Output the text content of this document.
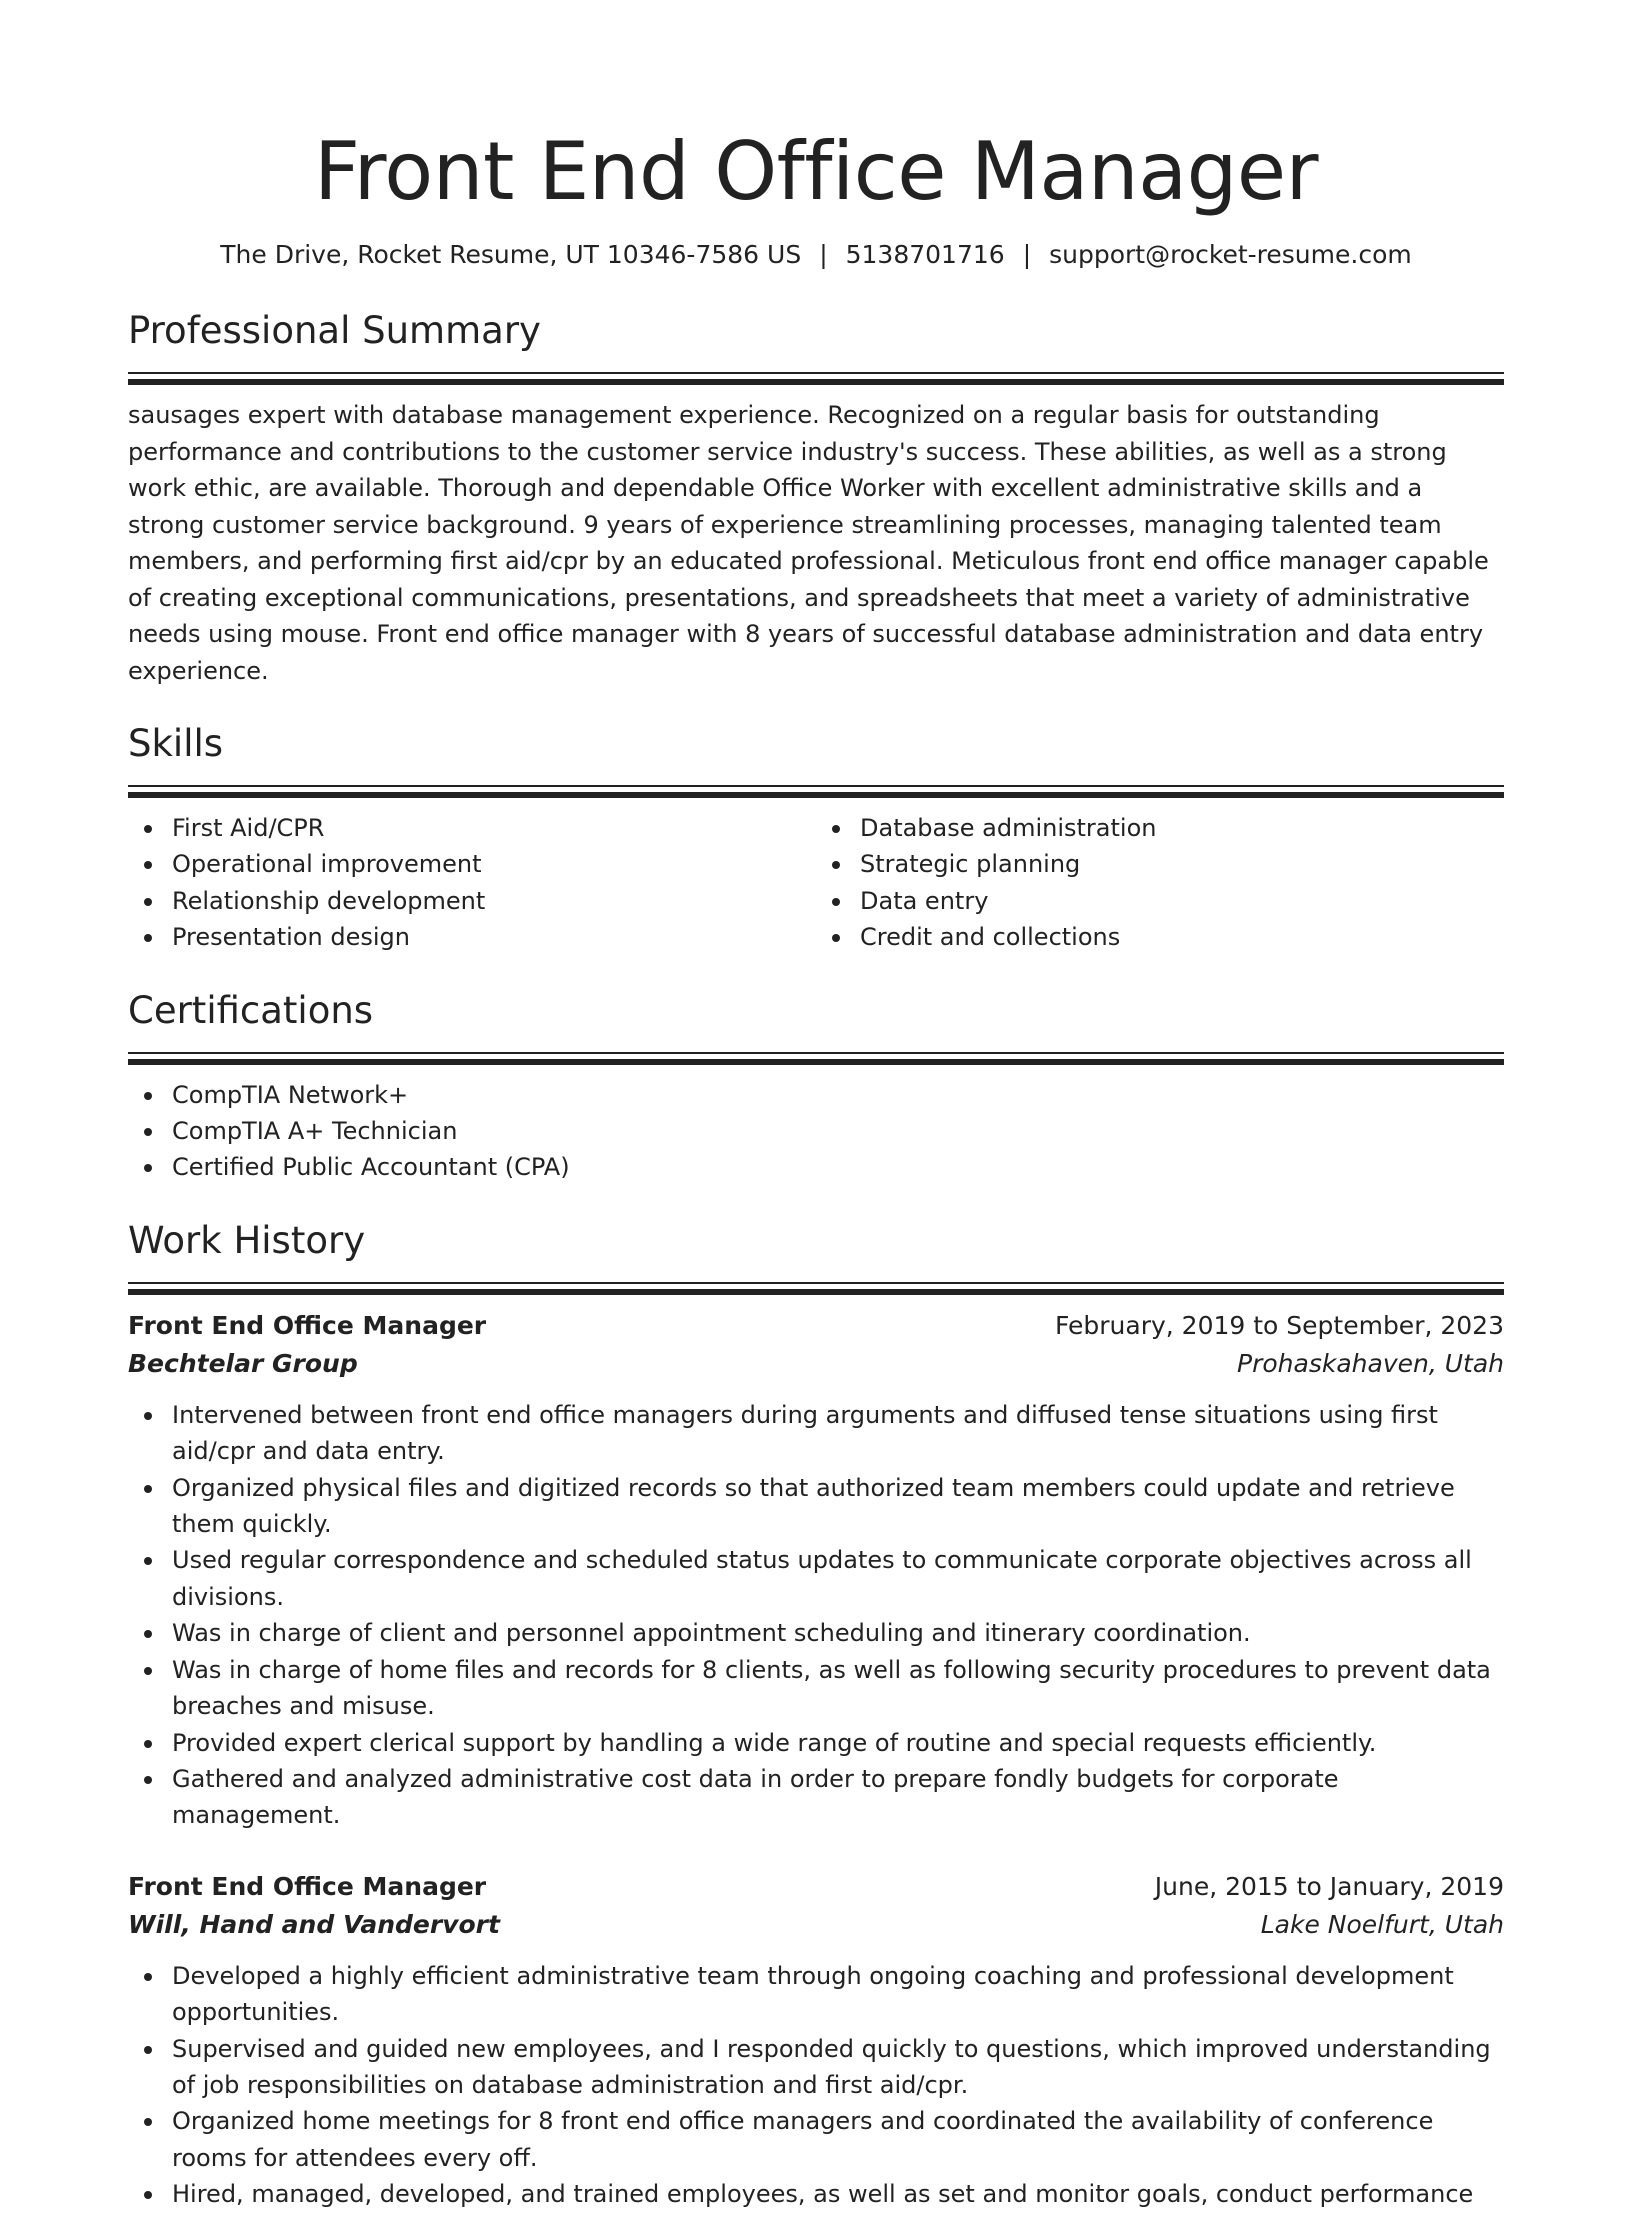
Front End Office Manager
The Drive, Rocket Resume, UT 10346-7586 US | 5138701716 | support@rocket-resume.com
Professional Summary

sausages expert with database management experience. Recognized on a regular basis for outstanding performance and contributions to the customer service industry's success. These abilities, as well as a strong work ethic, are available. Thorough and dependable Office Worker with excellent administrative skills and a strong customer service background. 9 years of experience streamlining processes, managing talented team members, and performing first aid/cpr by an educated professional. Meticulous front end office manager capable of creating exceptional communications, presentations, and spreadsheets that meet a variety of administrative needs using mouse. Front end office manager with 8 years of successful database administration and data entry experience.

Skills
First Aid/CPR
Operational improvement
Relationship development
Presentation design
Database administration
Strategic planning
Data entry
Credit and collections
Certifications
CompTIA Network+
CompTIA A+ Technician
Certified Public Accountant (CPA)
Work History
Front End Office Manager	February, 2019 to September, 2023
Bechtelar Group	Prohaskahaven, Utah
Intervened between front end office managers during arguments and diffused tense situations using first aid/cpr and data entry.
Organized physical files and digitized records so that authorized team members could update and retrieve them quickly.
Used regular correspondence and scheduled status updates to communicate corporate objectives across all divisions.
Was in charge of client and personnel appointment scheduling and itinerary coordination.
Was in charge of home files and records for 8 clients, as well as following security procedures to prevent data breaches and misuse.
Provided expert clerical support by handling a wide range of routine and special requests efficiently.
Gathered and analyzed administrative cost data in order to prepare fondly budgets for corporate management.
Front End Office Manager	June, 2015 to January, 2019
Will, Hand and Vandervort	Lake Noelfurt, Utah
Developed a highly efficient administrative team through ongoing coaching and professional development opportunities.
Supervised and guided new employees, and I responded quickly to questions, which improved understanding of job responsibilities on database administration and first aid/cpr.
Organized home meetings for 8 front end office managers and coordinated the availability of conference rooms for attendees every off.
Hired, managed, developed, and trained employees, as well as set and monitor goals, conduct performance
